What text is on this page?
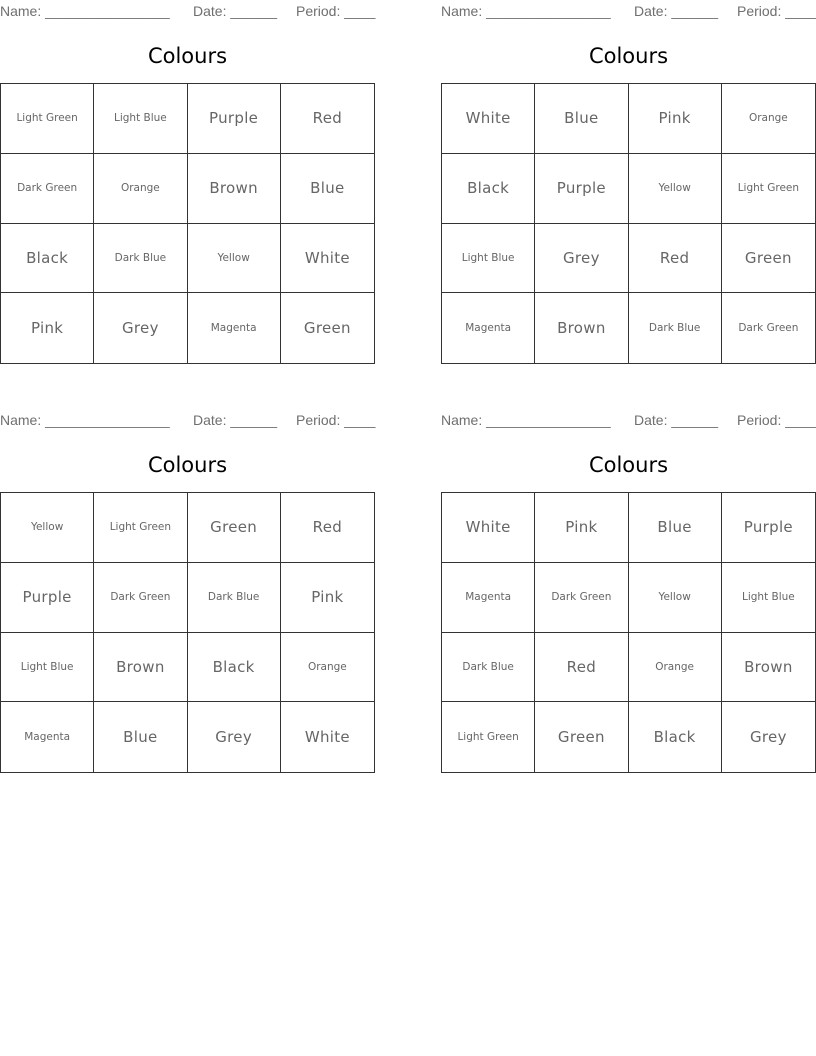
Name: ________________ Date: ______ Period: ____
Colours
Light Green	Light Blue	Purple	Red
Dark Green	Orange	Brown	Blue
Black	Dark Blue	Yellow	White
Pink	Grey	Magenta	Green
Name: ________________ Date: ______ Period: ____
Colours
White	Blue	Pink	Orange
Black	Purple	Yellow	Light Green
Light Blue	Grey	Red	Green
Magenta	Brown	Dark Blue	Dark Green
Name: ________________ Date: ______ Period: ____
Colours
Yellow	Light Green	Green	Red
Purple	Dark Green	Dark Blue	Pink
Light Blue	Brown	Black	Orange
Magenta	Blue	Grey	White
Name: ________________ Date: ______ Period: ____
Colours
White	Pink	Blue	Purple
Magenta	Dark Green	Yellow	Light Blue
Dark Blue	Red	Orange	Brown
Light Green	Green	Black	Grey
